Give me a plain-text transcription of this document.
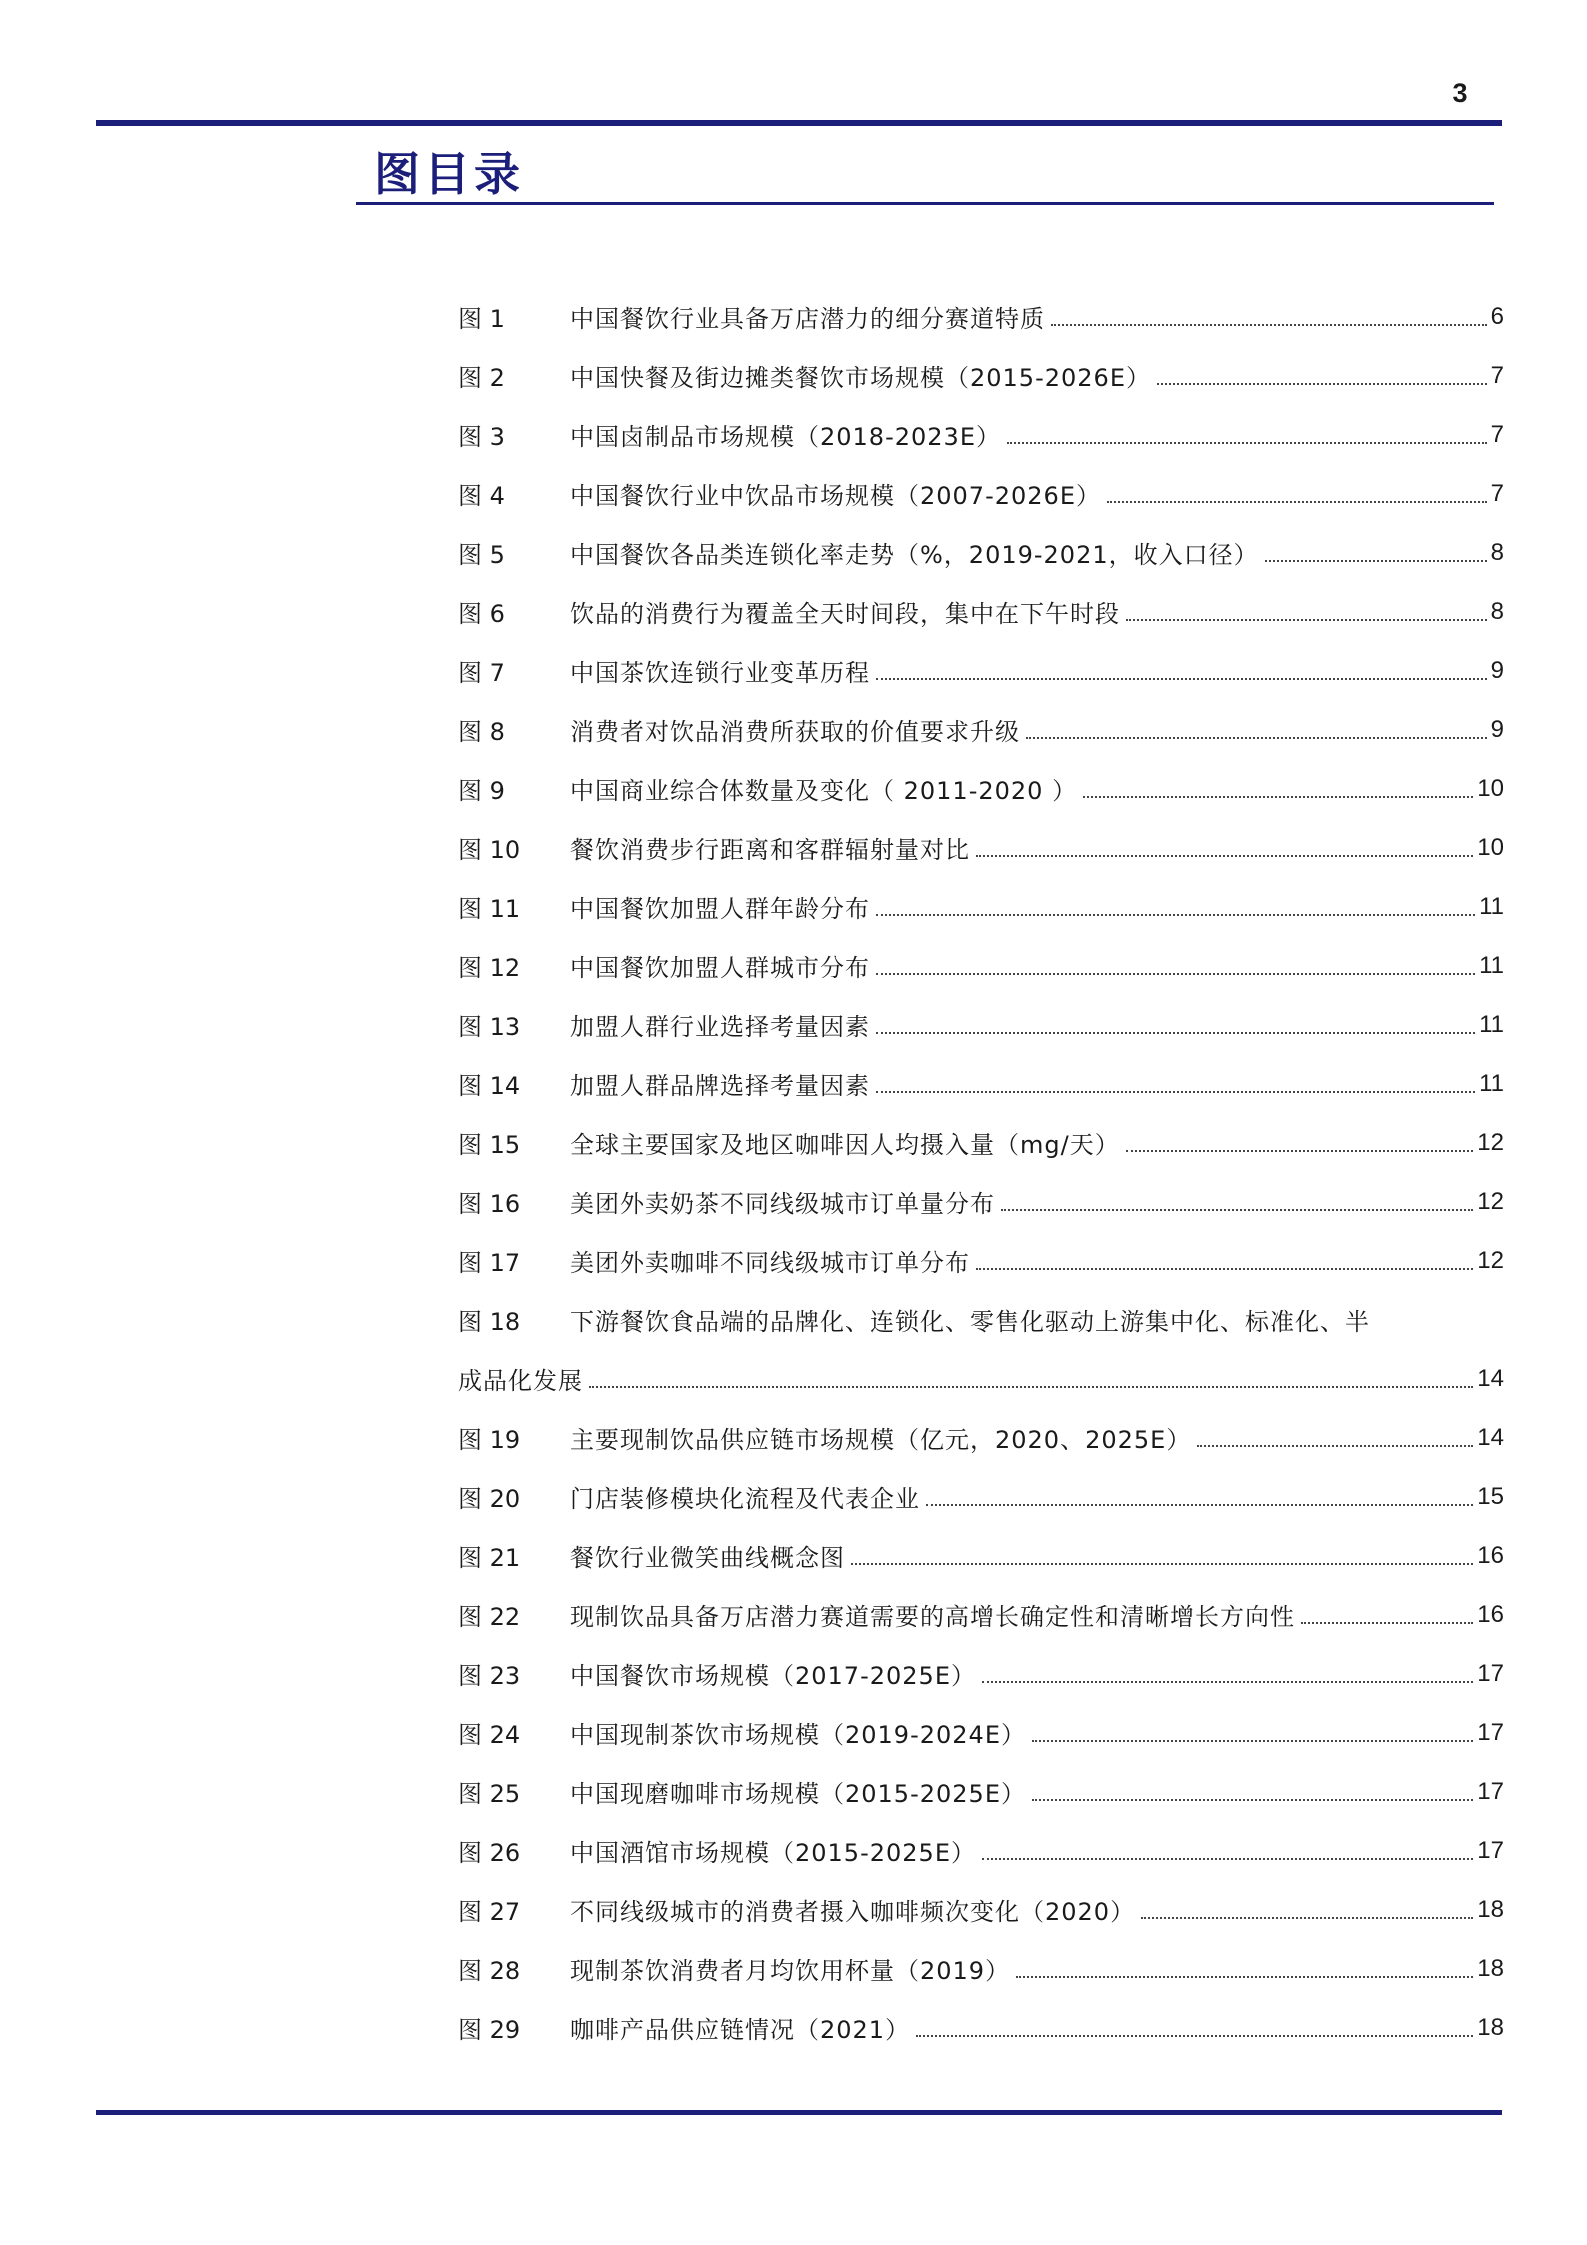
3
图目录
图 1	中国餐饮行业具备万店潜力的细分赛道特质	6
图 2	中国快餐及街边摊类餐饮市场规模（2015-2026E）	7
图 3	中国卤制品市场规模（2018-2023E）	7
图 4	中国餐饮行业中饮品市场规模（2007-2026E）	7
图 5	中国餐饮各品类连锁化率走势（%，2019-2021，收入口径）	8
图 6	饮品的消费行为覆盖全天时间段，集中在下午时段	8
图 7	中国茶饮连锁行业变革历程	9
图 8	消费者对饮品消费所获取的价值要求升级	9
图 9	中国商业综合体数量及变化（ 2011-2020 ）	10
图 10	餐饮消费步行距离和客群辐射量对比	10
图 11	中国餐饮加盟人群年龄分布	11
图 12	中国餐饮加盟人群城市分布	11
图 13	加盟人群行业选择考量因素	11
图 14	加盟人群品牌选择考量因素	11
图 15	全球主要国家及地区咖啡因人均摄入量（mg/天）	12
图 16	美团外卖奶茶不同线级城市订单量分布	12
图 17	美团外卖咖啡不同线级城市订单分布	12
图 18	下游餐饮食品端的品牌化、连锁化、零售化驱动上游集中化、标准化、半
成品化发展	14
图 19	主要现制饮品供应链市场规模（亿元，2020、2025E）	14
图 20	门店装修模块化流程及代表企业	15
图 21	餐饮行业微笑曲线概念图	16
图 22	现制饮品具备万店潜力赛道需要的高增长确定性和清晰增长方向性	16
图 23	中国餐饮市场规模（2017-2025E）	17
图 24	中国现制茶饮市场规模（2019-2024E）	17
图 25	中国现磨咖啡市场规模（2015-2025E）	17
图 26	中国酒馆市场规模（2015-2025E）	17
图 27	不同线级城市的消费者摄入咖啡频次变化（2020）	18
图 28	现制茶饮消费者月均饮用杯量（2019）	18
图 29	咖啡产品供应链情况（2021）	18
